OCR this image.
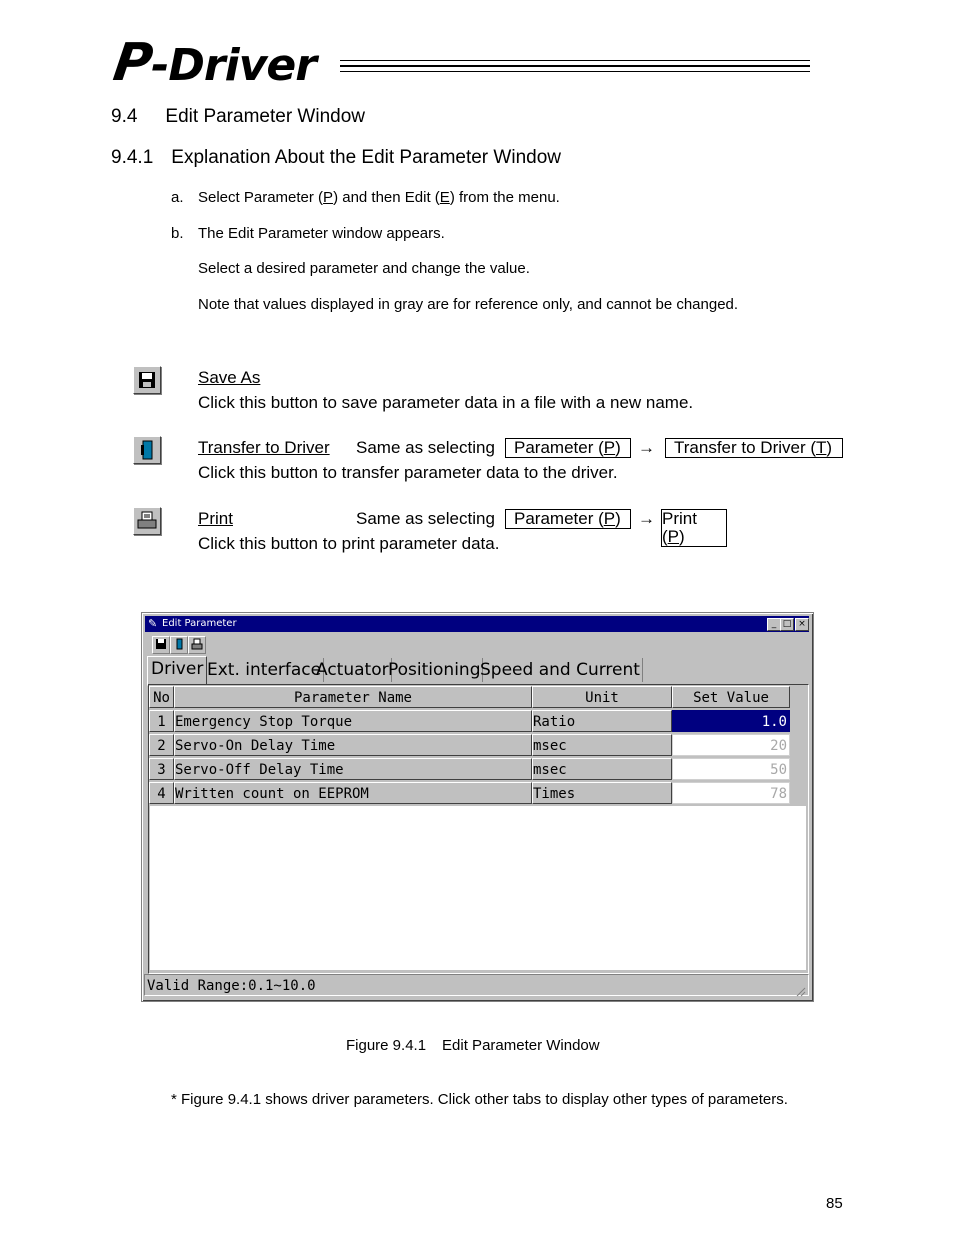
P-Driver
9.4 Edit Parameter Window
9.4.1 Explanation About the Edit Parameter Window
a. Select Parameter (P) and then Edit (E) from the menu.
b. The Edit Parameter window appears.
Select a desired parameter and change the value.
Note that values displayed in gray are for reference only, and cannot be changed.
Save As
Click this button to save parameter data in a file with a new name.
Transfer to Driver Same as selecting	Parameter (P)	→	Transfer to Driver (T)
Click this button to transfer parameter data to the driver.
Print	Same as selecting	Parameter (P)	→ Print (P)
Click this button to print parameter data.
✎ Edit Parameter	_ □ ×
Driver Ext. interface
Actuator Positioning Speed and Current
No	Parameter Name	Unit	Set Value
1 Emergency Stop Torque	Ratio	1.0
2 Servo-On Delay Time	msec	20
3 Servo-Off Delay Time	msec	50
4 Written count on EEPROM	Times	78
Valid Range:0.1~10.0
Figure 9.4.1 Edit Parameter Window
* Figure 9.4.1 shows driver parameters. Click other tabs to display other types of parameters.
85
